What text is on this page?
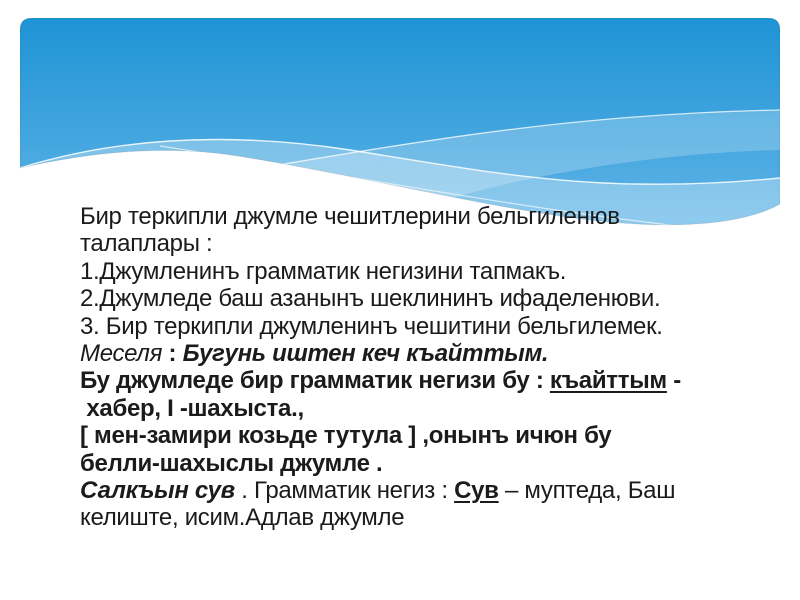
Бир теркипли джумле чешитлерини бельгиленюв
талаплары :
1.Джумленинъ грамматик негизини тапмакъ.
2.Джумледе баш азанынъ шеклининъ ифаделенюви.
3. Бир теркипли джумленинъ чешитини бельгилемек.
Меселя : Бугунь иштен кеч къайттым.
Бу джумледе бир грамматик негизи бу : къайттым -
хабер, I -шахыста.,
[ мен-замири козьде тутула ] ,онынъ ичюн бу
белли-шахыслы джумле .
Салкъын сув . Грамматик негиз : Сув – муптеда, Баш
келиште, исим.Адлав джумле
